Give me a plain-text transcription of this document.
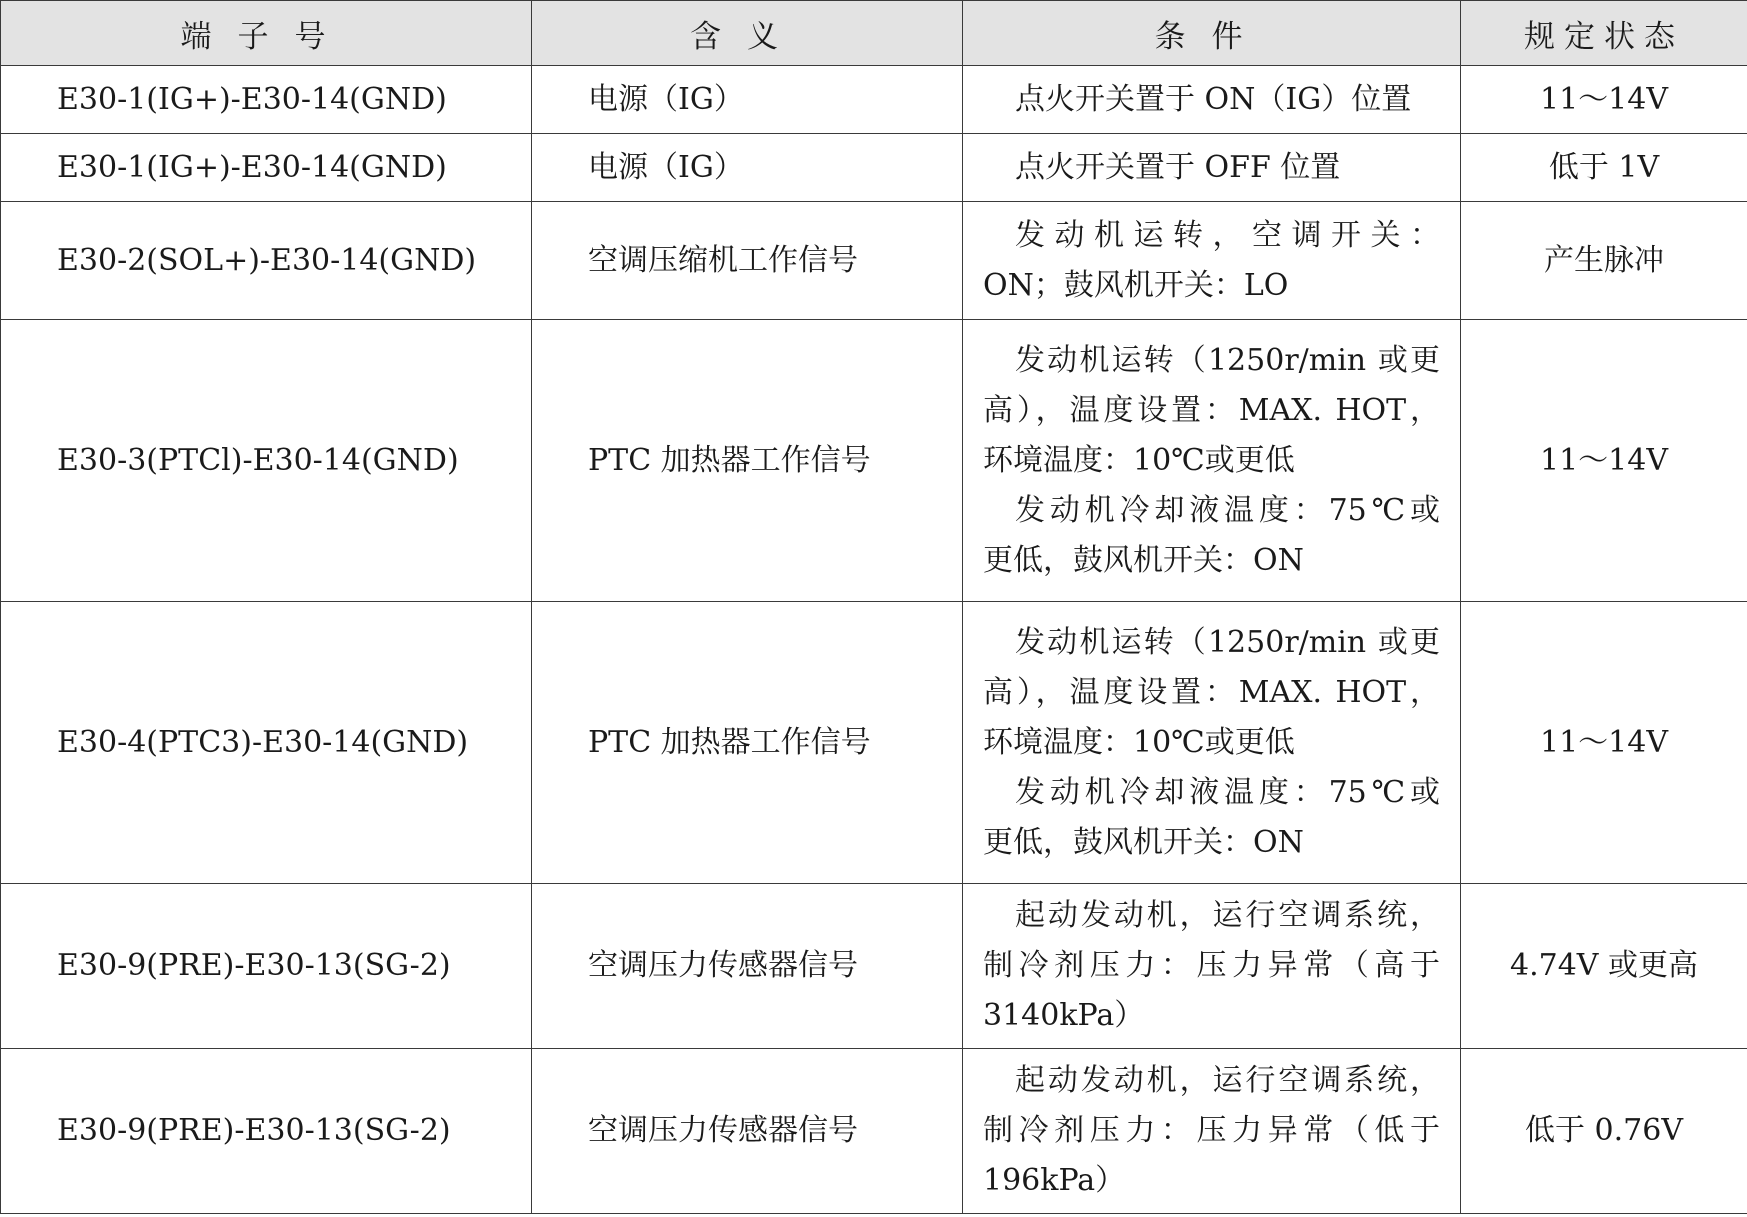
端子号	含义	条件	规定状态
E30-1(IG+)-E30-14(GND)	电源（IG）	点火开关置于 ON（IG）位置	11～14V
E30-1(IG+)-E30-14(GND)	电源（IG）	点火开关置于 OFF 位置	低于 1V
E30-2(SOL+)-E30-14(GND)	空调压缩机工作信号	发动机运转，空调开关：
ON；鼓风机开关：LO	产生脉冲
E30-3(PTCl)-E30-14(GND)	PTC 加热器工作信号	发动机运转（1250r/min 或更
高），温度设置：MAX. HOT，
环境温度：10℃或更低
发动机冷却液温度：75℃或
更低，鼓风机开关：ON	11～14V
E30-4(PTC3)-E30-14(GND)	PTC 加热器工作信号	发动机运转（1250r/min 或更
高），温度设置：MAX. HOT，
环境温度：10℃或更低
发动机冷却液温度：75℃或
更低，鼓风机开关：ON	11～14V
E30-9(PRE)-E30-13(SG-2)	空调压力传感器信号	起动发动机，运行空调系统，
制冷剂压力：压力异常（高于
3140kPa）	4.74V 或更高
E30-9(PRE)-E30-13(SG-2)	空调压力传感器信号	起动发动机，运行空调系统，
制冷剂压力：压力异常（低于
196kPa）	低于 0.76V
